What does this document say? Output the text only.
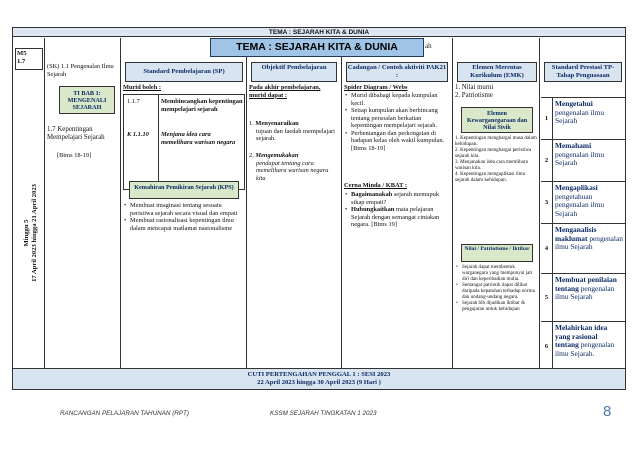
TEMA : SEJARAH KITA & DUNIA
M5
1.7
Minggu 5
17 April 2023 hingga 21 April 2023
(SK) 1.1 Pengenalan Ilmu Sejarah
TI BAB 1: MENGENALI SEJARAH
1.7 Kepentingan Mempelajari Sejarah
[Btms 18-19]
Standard Pembelajaran (SP)
Murid boleh :
1.1.7	Membincangkan kepentingan mempelajari sejarah
K 1.1.10	Menjana idea cara memelihara warisan negara
Kemahiran Pemikiran Sejarah (KPS)
• Membuat imaginasi tentang sesuatu peristiwa sejarah secara visual dan empati
• Membuat rasionalisasi kepentingan ilmu dalam mencapai matlamat nasionalisme
Objektif Pembelajaran
Pada akhir pembelajaran, murid dapat :
1. Menyenaraikan
tujuan dan faedah mempelajari sejarah.
2. Mengemukakan
pendapat tentang cara memelihara warisan negara kita
Cadangan / Contoh aktiviti PAK21 :
Spider Diagram / Webs
• Murid dibahagi kepada kumpulan kecil.
• Setiap kumpulan akan berbincang tentang persoalan berkaitan kepentingan mempelajari sejarah.
• Perbentangan dan perkongsian di hadapan kelas oleh wakil kumpulan. [Btms 18-19]
Cerna Minda / KBAT :
• Bagaimanakah sejarah memupuk sikap empati?
• Hubungkaitkan mata pelajaran Sejarah dengan semangat cintakan negara. [Btms 19]
Elemen Merentas Kurikulum (EMK)
1. Nilai murni
2. Patriotisme
Elemen Kewarganegaraan dan Nilai Sivik
1. Kepentingan menghargai masa dalam kehidupan.
2. Kepentingan menghargai peristiwa sejarah kita.
3. Menjanakan idea cara memlihara warisan kita.
4. Kepentingan mengaplikasi ilmu sejarah dalam kehidupan.
Nilai / Patriotisme / Iktibar
• Sejarah dapat membentuk warganegara yang mempunyai jati diri dan keperibadian mulia.
• Semangat patriotik dapat dilihat daripada kepatuhan terhadap norma dan undang-undang negara.
• Sejarah blh dijadikan iktibar & pengajaran untuk kehidupan
Standard Prestasi TP- Tahap Penguasaan
1
Mengetahui pengenalan ilmu Sejarah
2
Memahami pengenalan ilmu Sejarah
3
Mengaplikasi pengetahuan pengenalan ilmu Sejarah
4
Menganalisis maklumat pengenalan ilmu Sejarah
5
Membuat penilaian tentang pengenalan ilmu Sejarah
6
Melahirkan idea yang rasional tentang pengenalan ilmu Sejarah.
CUTI PERTENGAHAN PENGGAL 1 : SESI 2023
22 April 2023 hingga 30 April 2023 (9 Hari )
TEMA : SEJARAH KITA & DUNIA	ah
RANCANGAN PELAJARAN TAHUNAN (RPT)	KSSM SEJARAH TINGKATAN 1 2023	8
